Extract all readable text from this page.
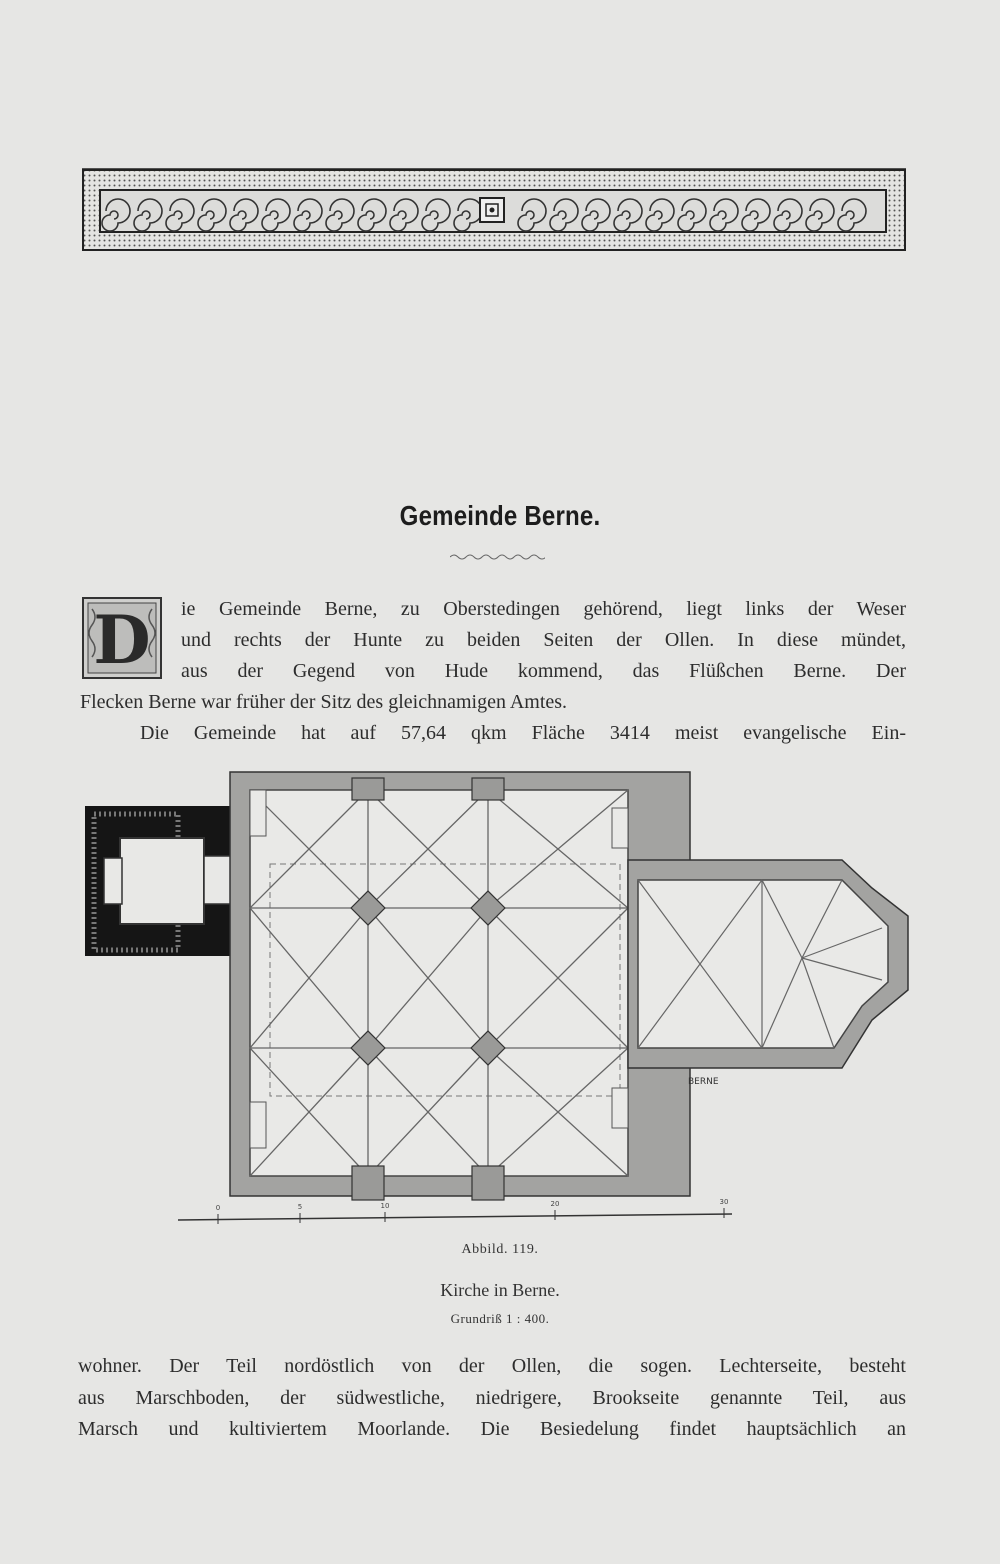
Gemeinde Berne.
D ie Gemeinde Berne, zu Oberstedingen gehörend, liegt links der Weser
und rechts der Hunte zu beiden Seiten der Ollen. In diese mündet,
aus der Gegend von Hude kommend, das Flüßchen Berne. Der
Flecken Berne war früher der Sitz des gleichnamigen Amtes.
Die Gemeinde hat auf 57,64 qkm Fläche 3414 meist evangelische Ein-
BERNE
0	5	10	20	30
Abbild. 119.
Kirche in Berne.
Grundriß 1 : 400.
wohner. Der Teil nordöstlich von der Ollen, die sogen. Lechterseite, besteht
aus Marschboden, der südwestliche, niedrigere, Brookseite genannte Teil, aus
Marsch und kultiviertem Moorlande. Die Besiedelung findet hauptsächlich an
